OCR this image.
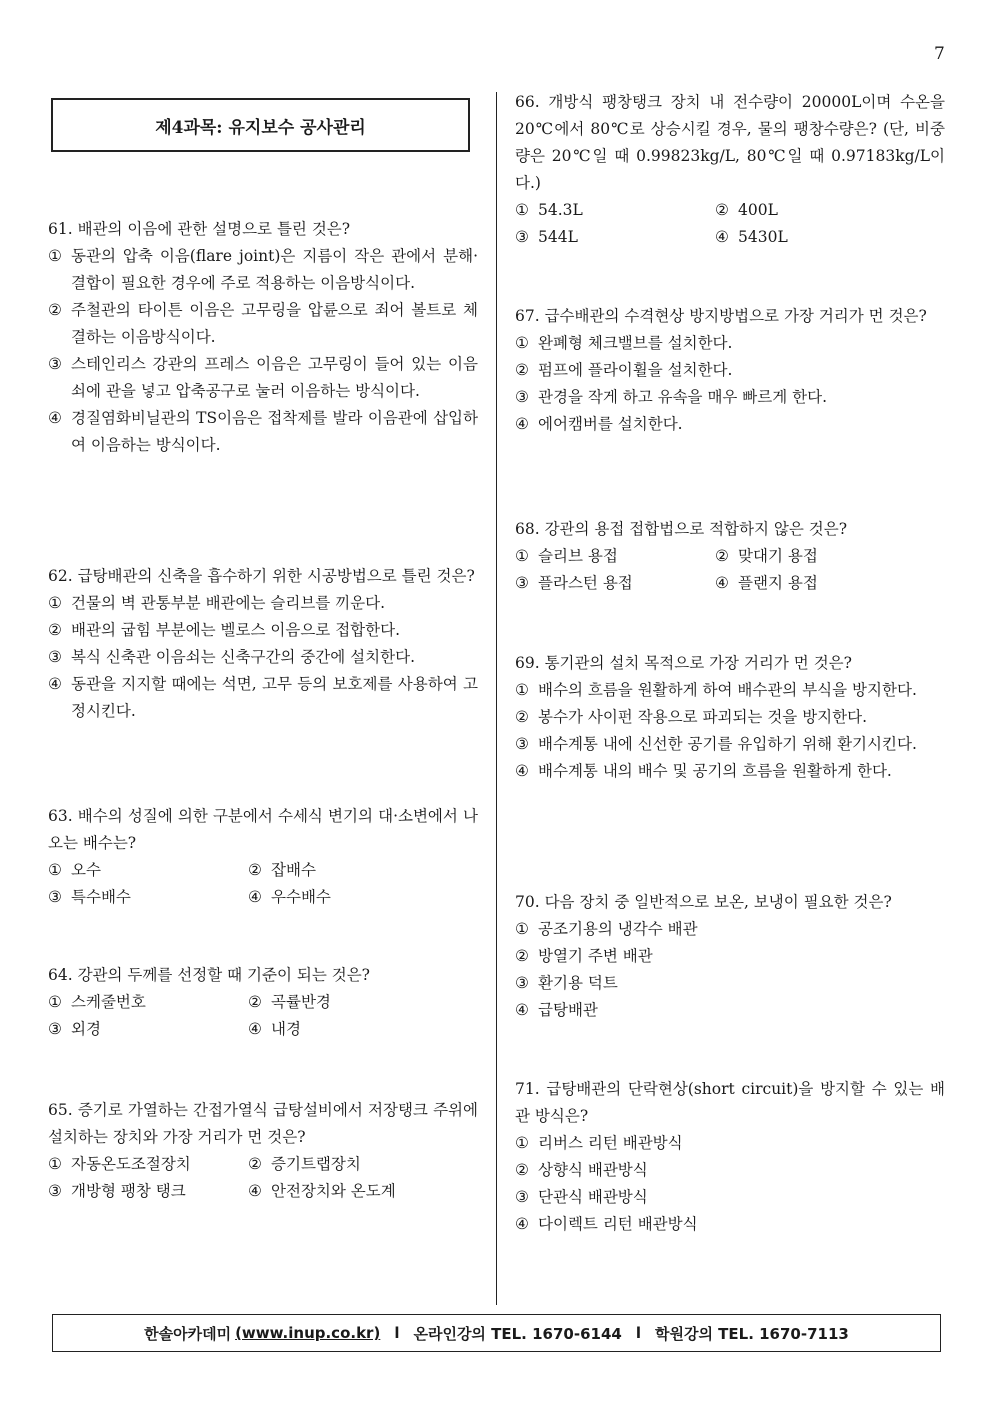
7
제4과목: 유지보수 공사관리
61. 배관의 이음에 관한 설명으로 틀린 것은?
① 동관의 압축 이음(flare joint)은 지름이 작은 관에서 분해·결합이 필요한 경우에 주로 적용하는 이음방식이다.
② 주철관의 타이튼 이음은 고무링을 압륜으로 죄어 볼트로 체결하는 이음방식이다.
③ 스테인리스 강관의 프레스 이음은 고무링이 들어 있는 이음쇠에 관을 넣고 압축공구로 눌러 이음하는 방식이다.
④ 경질염화비닐관의 TS이음은 접착제를 발라 이음관에 삽입하여 이음하는 방식이다.
62. 급탕배관의 신축을 흡수하기 위한 시공방법으로 틀린 것은?
① 건물의 벽 관통부분 배관에는 슬리브를 끼운다.
② 배관의 굽힘 부분에는 벨로스 이음으로 접합한다.
③ 복식 신축관 이음쇠는 신축구간의 중간에 설치한다.
④ 동관을 지지할 때에는 석면, 고무 등의 보호제를 사용하여 고정시킨다.
63. 배수의 성질에 의한 구분에서 수세식 변기의 대·소변에서 나오는 배수는?
① 오수	② 잡배수
③ 특수배수	④ 우수배수
64. 강관의 두께를 선정할 때 기준이 되는 것은?
① 스케줄번호	② 곡률반경
③ 외경	④ 내경
65. 증기로 가열하는 간접가열식 급탕설비에서 저장탱크 주위에 설치하는 장치와 가장 거리가 먼 것은?
① 자동온도조절장치	② 증기트랩장치
③ 개방형 팽창 탱크	④ 안전장치와 온도계
66. 개방식 팽창탱크 장치 내 전수량이 20000L이며 수온을 20℃에서 80℃로 상승시킬 경우, 물의 팽창수량은? (단, 비중량은 20℃일 때 0.99823kg/L, 80℃일 때 0.97183kg/L이다.)
① 54.3L	② 400L
③ 544L	④ 5430L
67. 급수배관의 수격현상 방지방법으로 가장 거리가 먼 것은?
① 완폐형 체크밸브를 설치한다.
② 펌프에 플라이휠을 설치한다.
③ 관경을 작게 하고 유속을 매우 빠르게 한다.
④ 에어캠버를 설치한다.
68. 강관의 용접 접합법으로 적합하지 않은 것은?
① 슬리브 용접	② 맞대기 용접
③ 플라스턴 용접	④ 플랜지 용접
69. 통기관의 설치 목적으로 가장 거리가 먼 것은?
① 배수의 흐름을 원활하게 하여 배수관의 부식을 방지한다.
② 봉수가 사이펀 작용으로 파괴되는 것을 방지한다.
③ 배수계통 내에 신선한 공기를 유입하기 위해 환기시킨다.
④ 배수계통 내의 배수 및 공기의 흐름을 원활하게 한다.
70. 다음 장치 중 일반적으로 보온, 보냉이 필요한 것은?
① 공조기용의 냉각수 배관
② 방열기 주변 배관
③ 환기용 덕트
④ 급탕배관
71. 급탕배관의 단락현상(short circuit)을 방지할 수 있는 배관 방식은?
① 리버스 리턴 배관방식
② 상향식 배관방식
③ 단관식 배관방식
④ 다이렉트 리턴 배관방식
한솔아카데미 (www.inup.co.kr) l 온라인강의 TEL. 1670-6144 l 학원강의 TEL. 1670-7113
